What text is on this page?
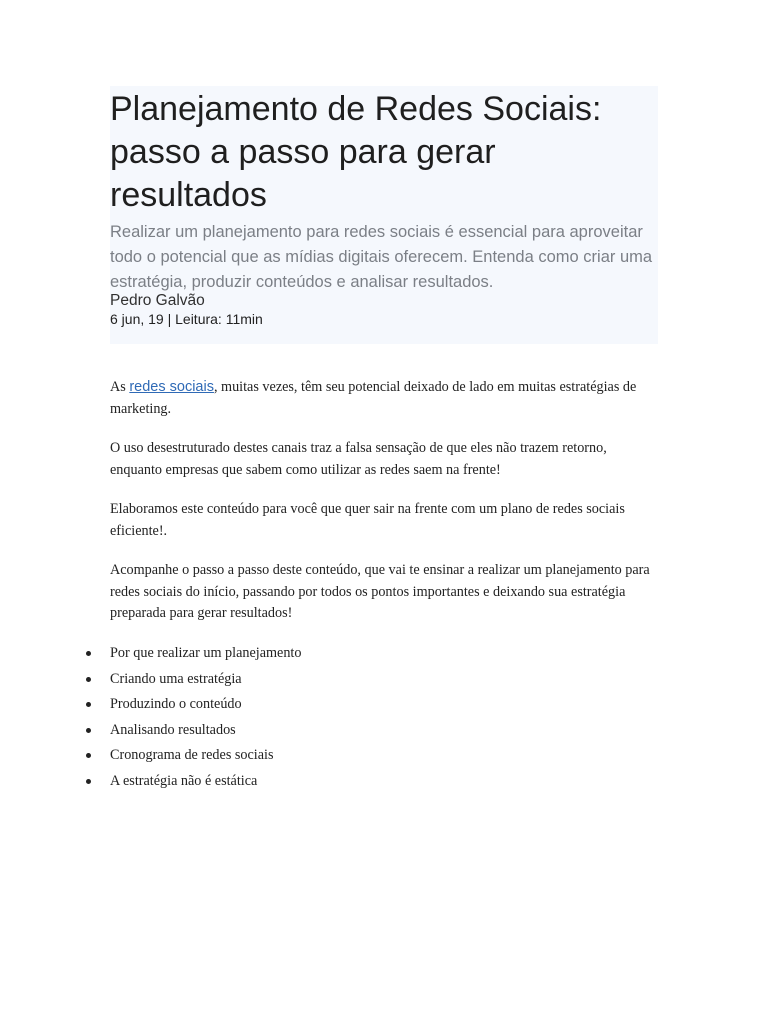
Planejamento de Redes Sociais: passo a passo para gerar resultados

Realizar um planejamento para redes sociais é essencial para aproveitar todo o potencial que as mídias digitais oferecem. Entenda como criar uma estratégia, produzir conteúdos e analisar resultados.

Pedro Galvão

6 jun, 19 | Leitura: 11min

As redes sociais, muitas vezes, têm seu potencial deixado de lado em muitas estratégias de marketing.

O uso desestruturado destes canais traz a falsa sensação de que eles não trazem retorno, enquanto empresas que sabem como utilizar as redes saem na frente!

Elaboramos este conteúdo para você que quer sair na frente com um plano de redes sociais eficiente!.

Acompanhe o passo a passo deste conteúdo, que vai te ensinar a realizar um planejamento para redes sociais do início, passando por todos os pontos importantes e deixando sua estratégia preparada para gerar resultados!

Por que realizar um planejamento
Criando uma estratégia
Produzindo o conteúdo
Analisando resultados
Cronograma de redes sociais
A estratégia não é estática
